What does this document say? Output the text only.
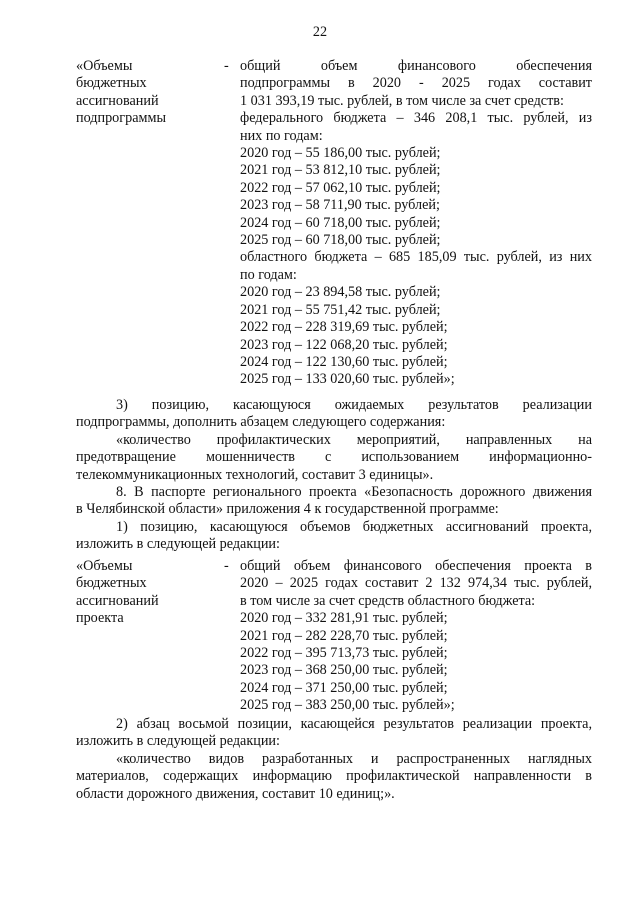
22
«Объемы
бюджетных
ассигнований
подпрограммы
- общий объем финансового обеспечения
подпрограммы в 2020 - 2025 годах составит
1 031 393,19 тыс. рублей, в том числе за счет средств:
федерального бюджета – 346 208,1 тыс. рублей, из
них по годам:
2020 год – 55 186,00 тыс. рублей;
2021 год – 53 812,10 тыс. рублей;
2022 год – 57 062,10 тыс. рублей;
2023 год – 58 711,90 тыс. рублей;
2024 год – 60 718,00 тыс. рублей;
2025 год – 60 718,00 тыс. рублей;
областного бюджета – 685 185,09 тыс. рублей, из них
по годам:
2020 год – 23 894,58 тыс. рублей;
2021 год – 55 751,42 тыс. рублей;
2022 год – 228 319,69 тыс. рублей;
2023 год – 122 068,20 тыс. рублей;
2024 год – 122 130,60 тыс. рублей;
2025 год – 133 020,60 тыс. рублей»;

3) позицию, касающуюся ожидаемых результатов реализации

подпрограммы, дополнить абзацем следующего содержания:

«количество профилактических мероприятий, направленных на

предотвращение мошенничеств с использованием информационно-

телекоммуникационных технологий, составит 3 единицы».

8. В паспорте регионального проекта «Безопасность дорожного движения

в Челябинской области» приложения 4 к государственной программе:

1) позицию, касающуюся объемов бюджетных ассигнований проекта,

изложить в следующей редакции:

«Объемы
бюджетных
ассигнований
проекта
- общий объем финансового обеспечения проекта в
2020 – 2025 годах составит 2 132 974,34 тыс. рублей,
в том числе за счет средств областного бюджета:
2020 год – 332 281,91 тыс. рублей;
2021 год – 282 228,70 тыс. рублей;
2022 год – 395 713,73 тыс. рублей;
2023 год – 368 250,00 тыс. рублей;
2024 год – 371 250,00 тыс. рублей;
2025 год – 383 250,00 тыс. рублей»;

2) абзац восьмой позиции, касающейся результатов реализации проекта,

изложить в следующей редакции:

«количество видов разработанных и распространенных наглядных

материалов, содержащих информацию профилактической направленности в

области дорожного движения, составит 10 единиц;».
